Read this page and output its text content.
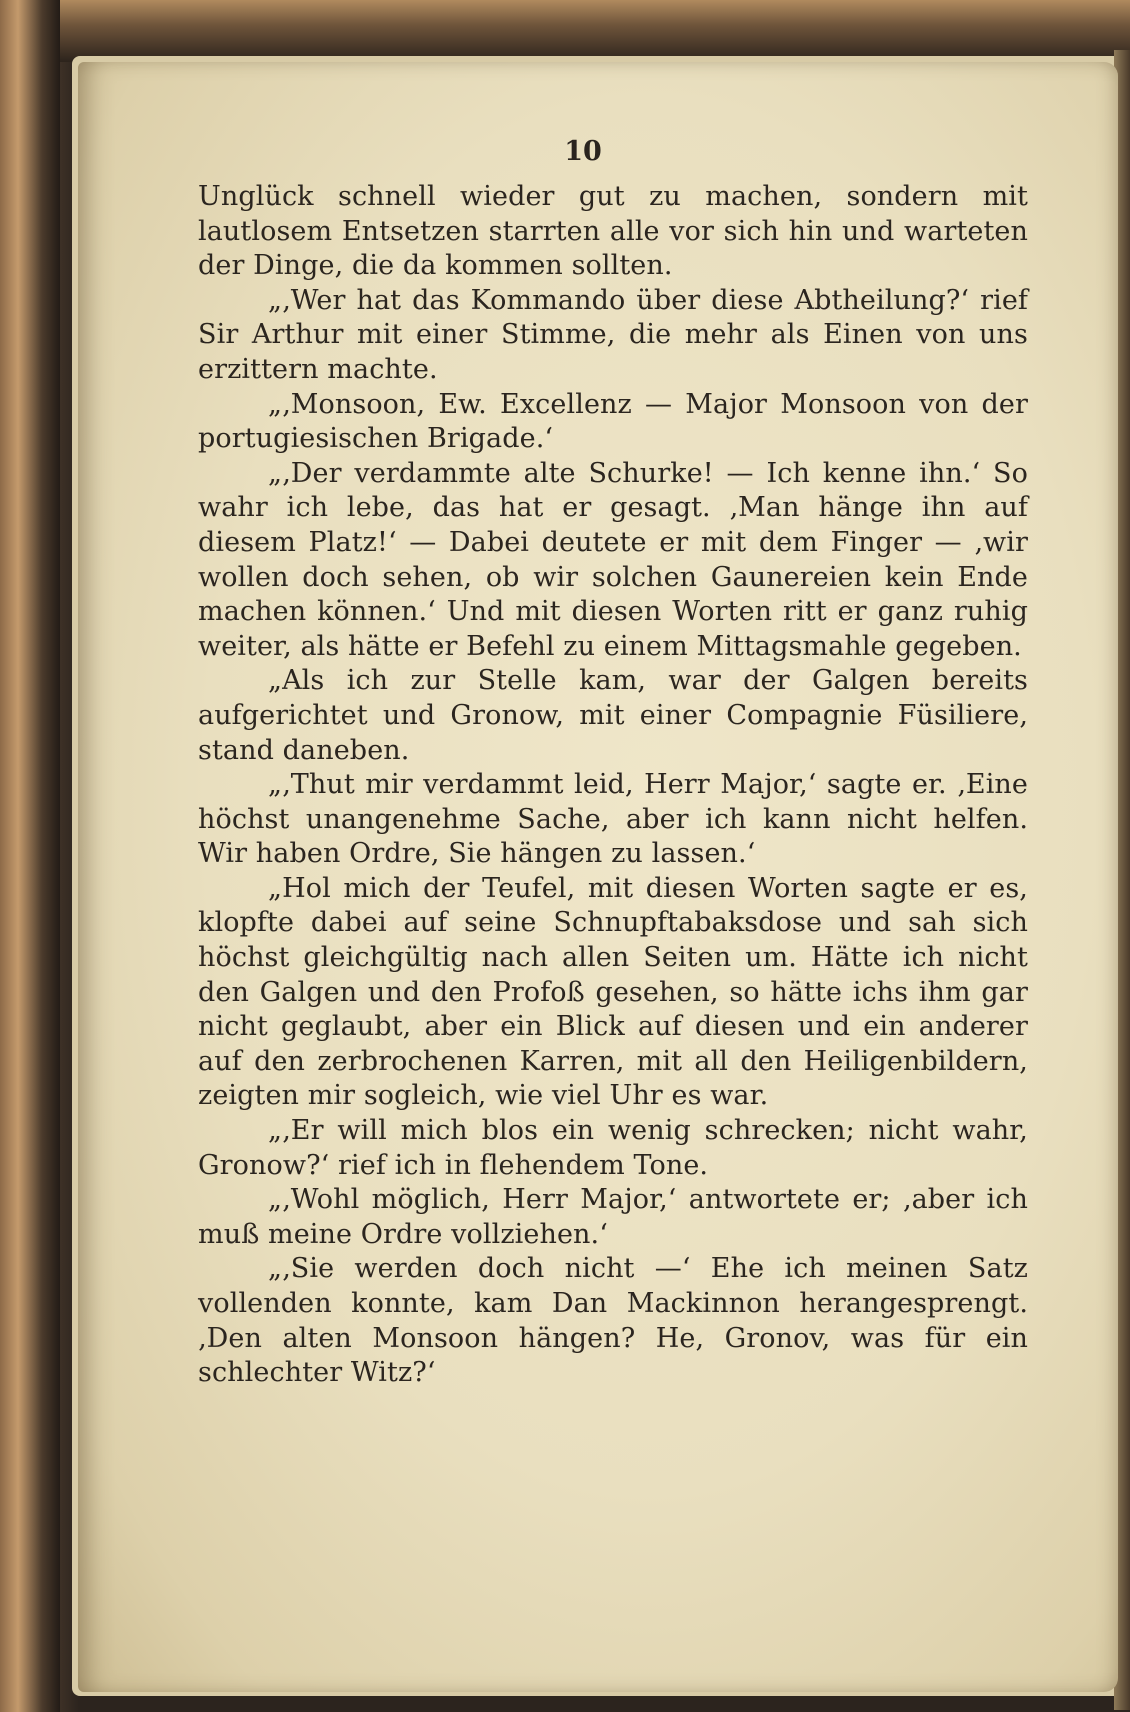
10

Unglück schnell wieder gut zu machen, sondern mit lautlosem Entsetzen starrten alle vor sich hin und warteten der Dinge, die da kommen sollten.

„‚Wer hat das Kommando über diese Abtheilung?‘ rief Sir Arthur mit einer Stimme, die mehr als Einen von uns erzittern machte.

„‚Monsoon, Ew. Excellenz — Major Monsoon von der portugiesischen Brigade.‘

„‚Der verdammte alte Schurke! — Ich kenne ihn.‘ So wahr ich lebe, das hat er gesagt. ‚Man hänge ihn auf diesem Platz!‘ — Dabei deutete er mit dem Finger — ‚wir wollen doch sehen, ob wir solchen Gaunereien kein Ende machen können.‘ Und mit diesen Worten ritt er ganz ruhig weiter, als hätte er Befehl zu einem Mittagsmahle gegeben.

„Als ich zur Stelle kam, war der Galgen bereits aufgerichtet und Gronow, mit einer Compagnie Füsiliere, stand daneben.

„‚Thut mir verdammt leid, Herr Major,‘ sagte er. ‚Eine höchst unangenehme Sache, aber ich kann nicht helfen. Wir haben Ordre, Sie hängen zu lassen.‘

„Hol mich der Teufel, mit diesen Worten sagte er es, klopfte dabei auf seine Schnupftabaksdose und sah sich höchst gleichgültig nach allen Seiten um. Hätte ich nicht den Galgen und den Profoß gesehen, so hätte ichs ihm gar nicht geglaubt, aber ein Blick auf diesen und ein anderer auf den zerbrochenen Karren, mit all den Heiligenbildern, zeigten mir sogleich, wie viel Uhr es war.

„‚Er will mich blos ein wenig schrecken; nicht wahr, Gronow?‘ rief ich in flehendem Tone.

„‚Wohl möglich, Herr Major,‘ antwortete er; ‚aber ich muß meine Ordre vollziehen.‘

„‚Sie werden doch nicht —‘ Ehe ich meinen Satz vollenden konnte, kam Dan Mackinnon herangesprengt. ‚Den alten Monsoon hängen? He, Gronov, was für ein schlechter Witz?‘
